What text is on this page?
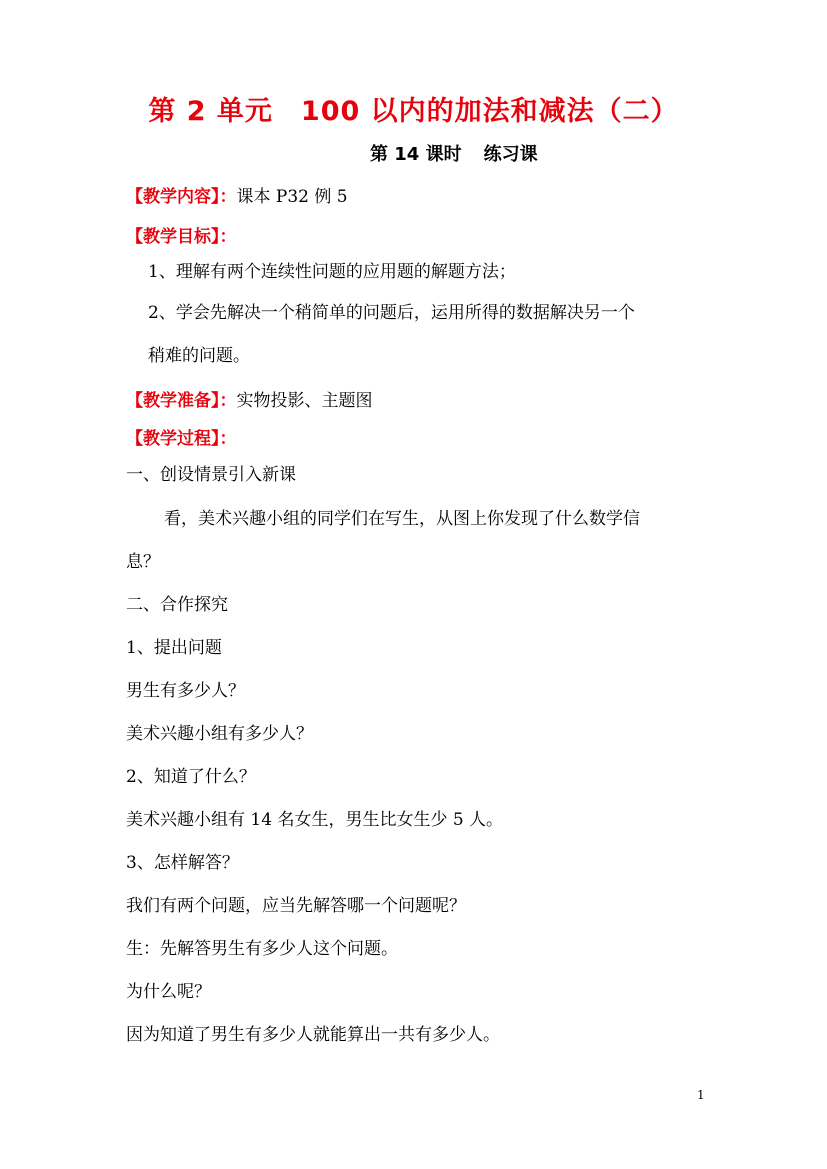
第 2 单元 100 以内的加法和减法（二）
第 14 课时 练习课
【教学内容】：课本 P32 例 5
【教学目标】：
1、理解有两个连续性问题的应用题的解题方法；
2、学会先解决一个稍简单的问题后，运用所得的数据解决另一个
稍难的问题。
【教学准备】：实物投影、主题图
【教学过程】：
一、创设情景引入新课
看，美术兴趣小组的同学们在写生，从图上你发现了什么数学信
息？
二、合作探究
1、提出问题
男生有多少人？
美术兴趣小组有多少人？
2、知道了什么？
美术兴趣小组有 14 名女生，男生比女生少 5 人。
3、怎样解答？
我们有两个问题，应当先解答哪一个问题呢？
生：先解答男生有多少人这个问题。
为什么呢？
因为知道了男生有多少人就能算出一共有多少人。
1
